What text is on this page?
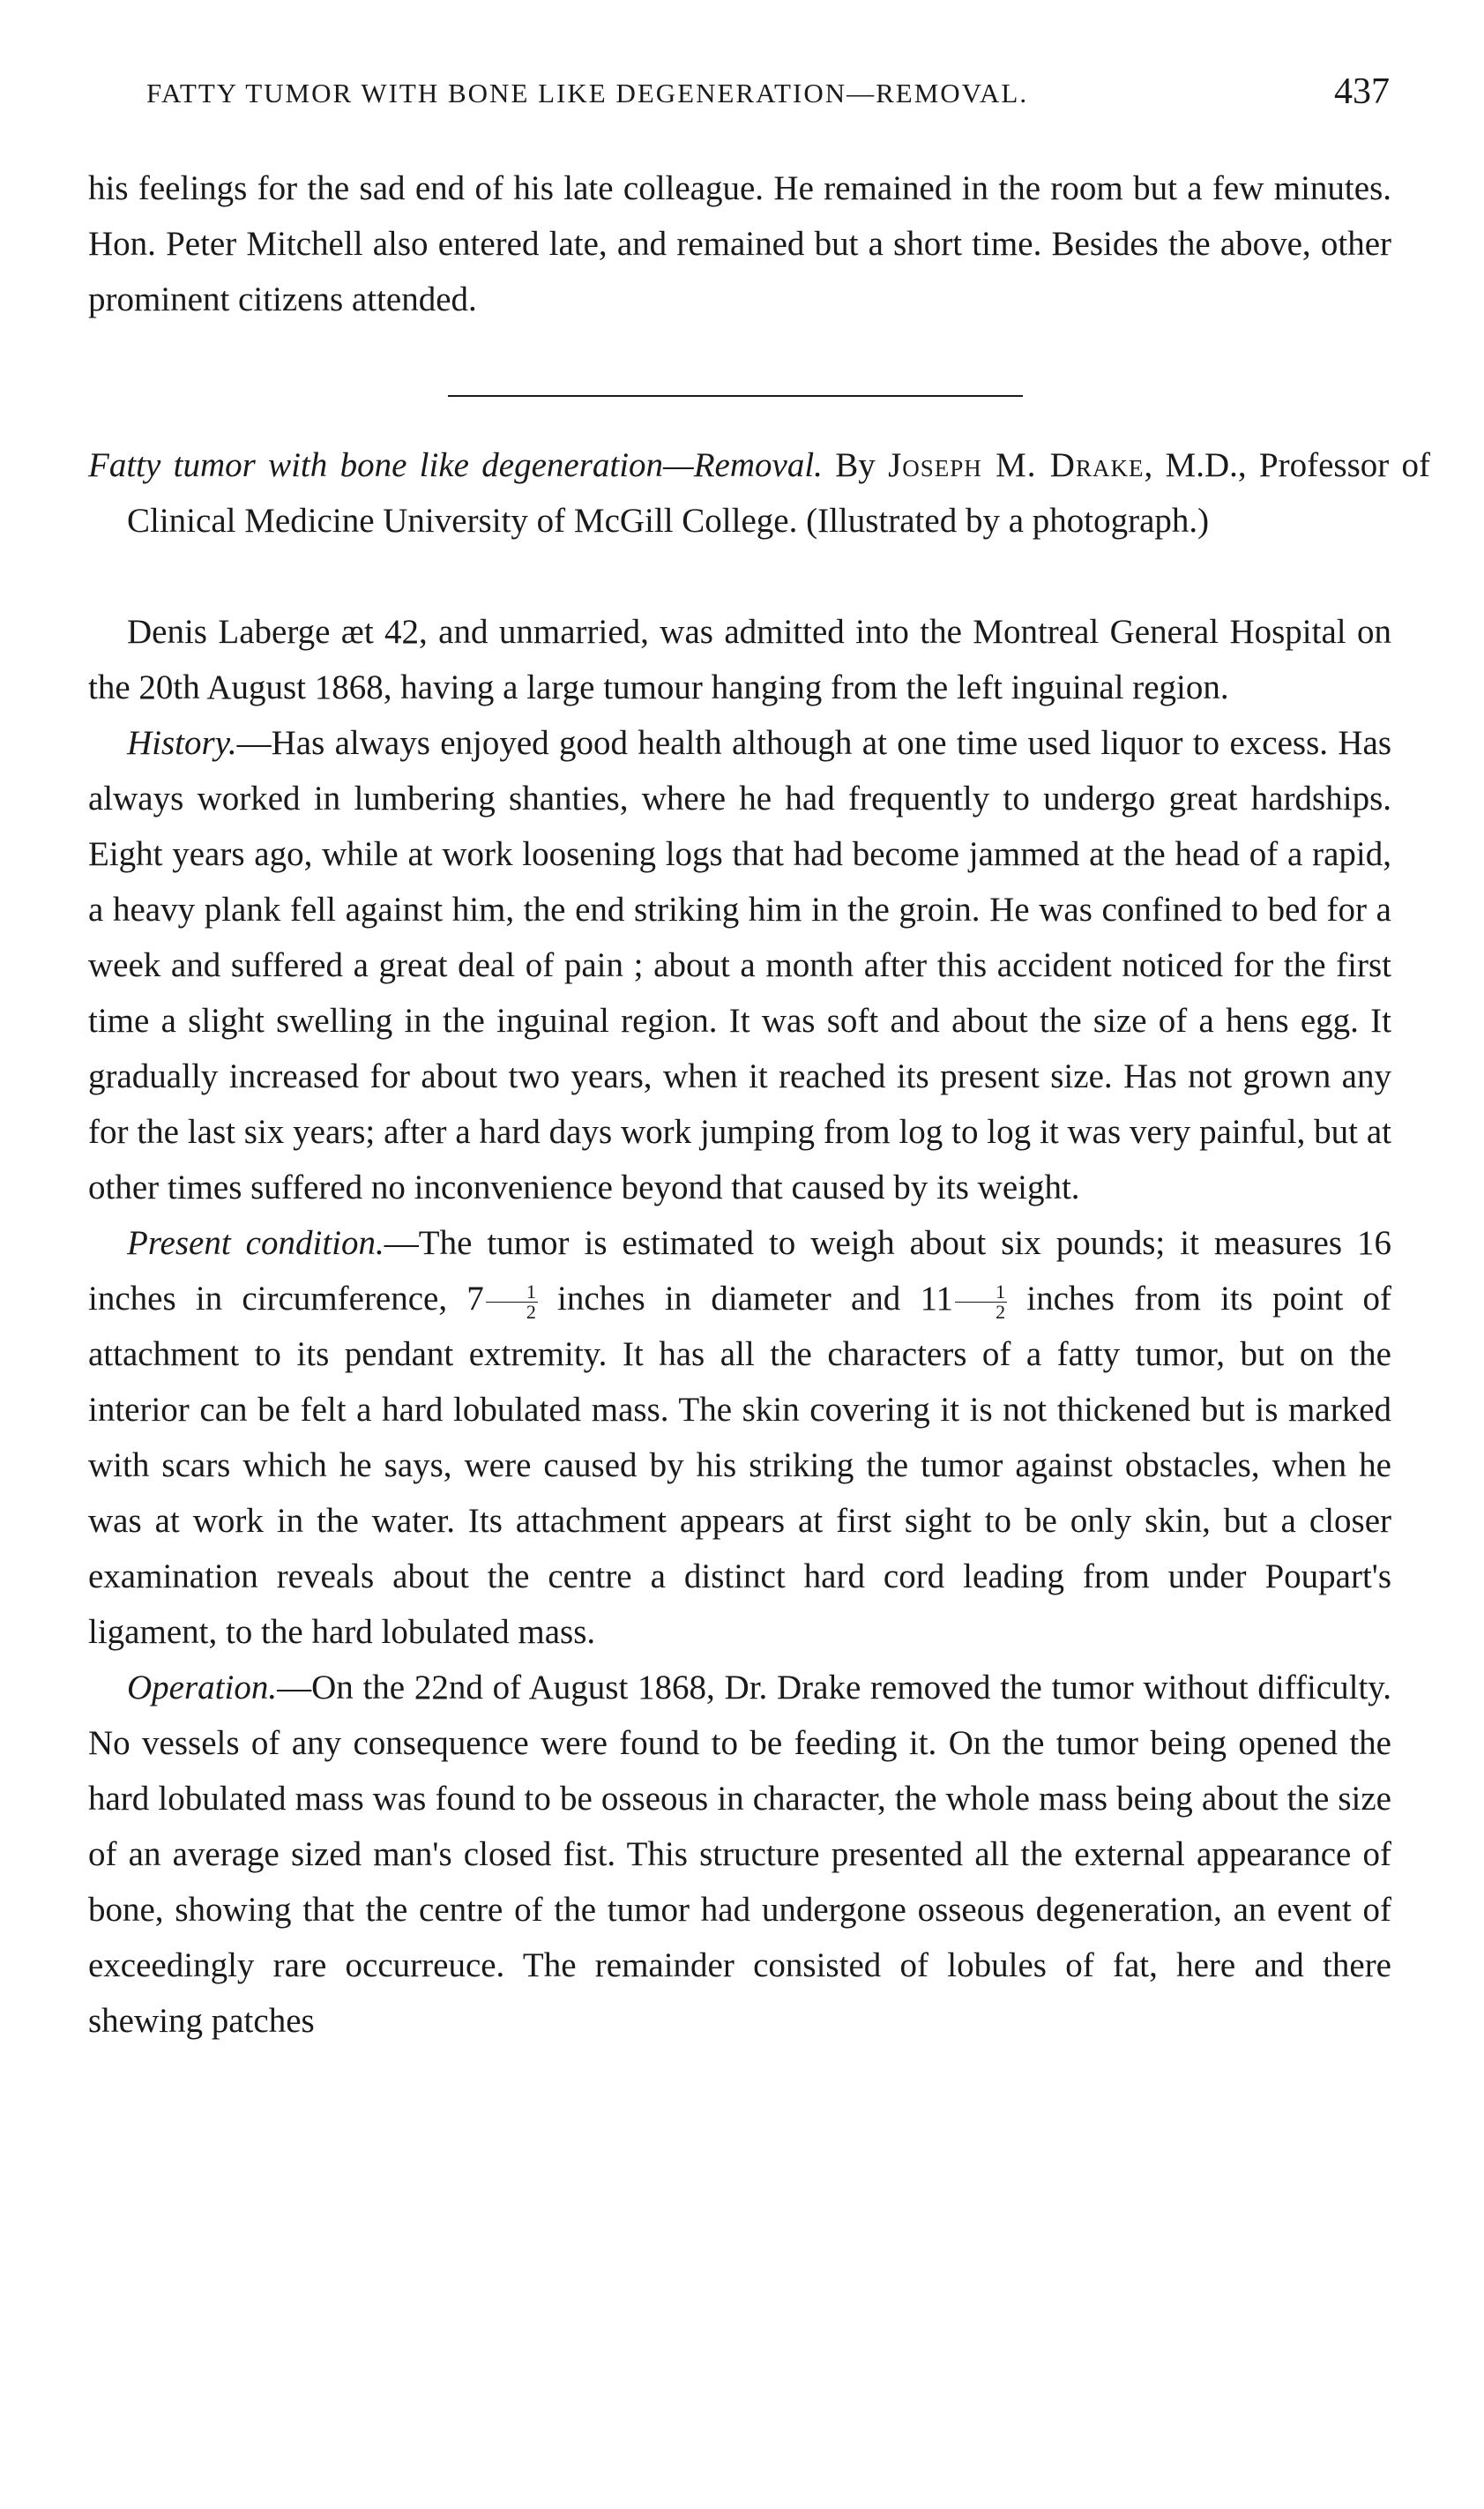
FATTY TUMOR WITH BONE LIKE DEGENERATION—REMOVAL.	437

his feelings for the sad end of his late colleague. He remained in the room but a few minutes. Hon. Peter Mitchell also entered late, and remained but a short time. Besides the above, other prominent citizens attended.

Fatty tumor with bone like degeneration—Removal. By Joseph M. Drake, M.D., Professor of Clinical Medicine University of McGill College. (Illustrated by a photograph.)

Denis Laberge æt 42, and unmarried, was admitted into the Montreal General Hospital on the 20th August 1868, having a large tumour hanging from the left inguinal region.

History.—Has always enjoyed good health although at one time used liquor to excess. Has always worked in lumbering shanties, where he had frequently to undergo great hardships. Eight years ago, while at work loosening logs that had become jammed at the head of a rapid, a heavy plank fell against him, the end striking him in the groin. He was confined to bed for a week and suffered a great deal of pain ; about a month after this accident noticed for the first time a slight swelling in the inguinal region. It was soft and about the size of a hens egg. It gradually increased for about two years, when it reached its present size. Has not grown any for the last six years; after a hard days work jumping from log to log it was very painful, but at other times suffered no inconvenience beyond that caused by its weight.

Present condition.—The tumor is estimated to weigh about six pounds; it measures 16 inches in circumference, $7 \frac{1}{2}$ inches in diameter and $11 \frac{1}{2}$ inches from its point of attachment to its pendant extremity. It has all the characters of a fatty tumor, but on the interior can be felt a hard lobulated mass. The skin covering it is not thickened but is marked with scars which he says, were caused by his striking the tumor against obstacles, when he was at work in the water. Its attachment appears at first sight to be only skin, but a closer examination reveals about the centre a distinct hard cord leading from under Poupart's ligament, to the hard lobulated mass.

Operation.—On the 22nd of August 1868, Dr. Drake removed the tumor without difficulty. No vessels of any consequence were found to be feeding it. On the tumor being opened the hard lobulated mass was found to be osseous in character, the whole mass being about the size of an average sized man's closed fist. This structure presented all the external appearance of bone, showing that the centre of the tumor had undergone osseous degeneration, an event of exceedingly rare occurreuce. The remainder consisted of lobules of fat, here and there shewing patches
